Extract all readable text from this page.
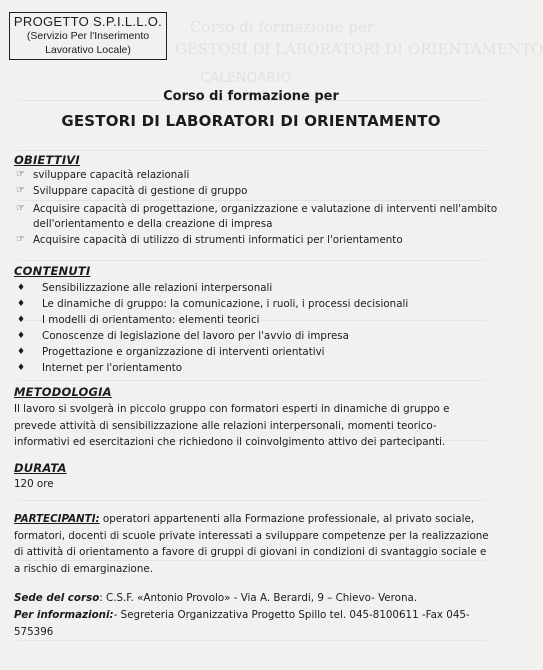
Corso di formazione per
GESTORI DI LABORATORI DI ORIENTAMENTO
CALENDARIO
PROGETTO S.P.I.L.L.O.
(Servizio Per l'Inserimento
Lavorativo Locale)
Corso di formazione per
GESTORI DI LABORATORI DI ORIENTAMENTO
OBIETTIVI
☞ sviluppare capacità relazionali
☞ Sviluppare capacità di gestione di gruppo
☞ Acquisire capacità di progettazione, organizzazione e valutazione di interventi nell'ambito
dell'orientamento e della creazione di impresa
☞ Acquisire capacità di utilizzo di strumenti informatici per l'orientamento
CONTENUTI
♦ Sensibilizzazione alle relazioni interpersonali
♦ Le dinamiche di gruppo: la comunicazione, i ruoli, i processi decisionali
♦ I modelli di orientamento: elementi teorici
♦ Conoscenze di legislazione del lavoro per l'avvio di impresa
♦ Progettazione e organizzazione di interventi orientativi
♦ Internet per l'orientamento
METODOLOGIA
Il lavoro si svolgerà in piccolo gruppo con formatori esperti in dinamiche di gruppo e prevede attività di sensibilizzazione alle relazioni interpersonali, momenti teorico-informativi ed esercitazioni che richiedono il coinvolgimento attivo dei partecipanti.
DURATA
120 ore
PARTECIPANTI: operatori appartenenti alla Formazione professionale, al privato sociale, formatori, docenti di scuole private interessati a sviluppare competenze per la realizzazione di attività di orientamento a favore di gruppi di giovani in condizioni di svantaggio sociale e a rischio di emarginazione.
Sede del corso: C.S.F. «Antonio Provolo» - Via A. Berardi, 9 – Chievo- Verona.
Per informazioni:- Segreteria Organizzativa Progetto Spillo tel. 045-8100611 -Fax 045-575396
